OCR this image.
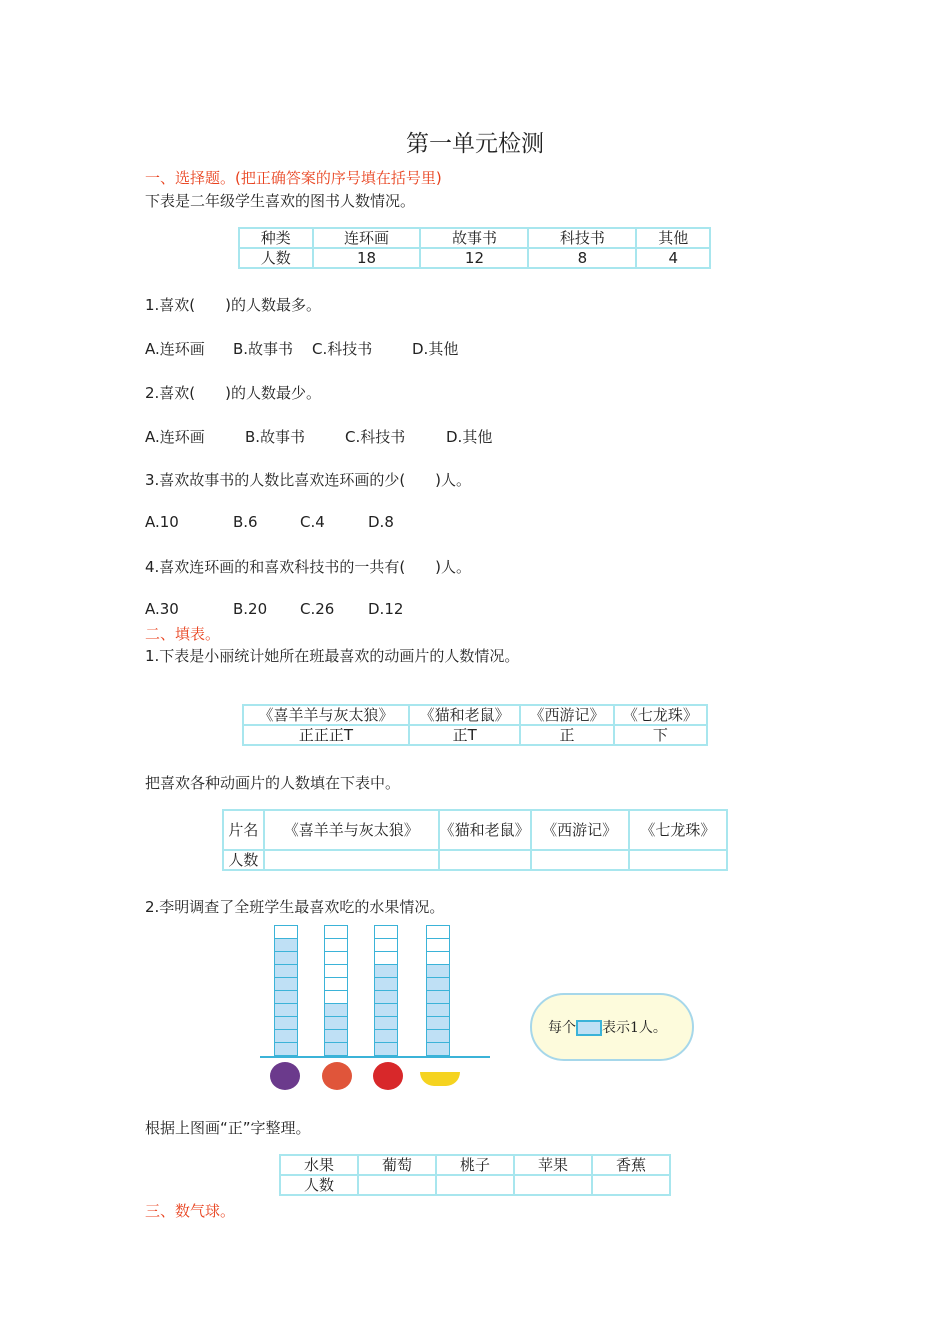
第一单元检测
一、选择题。(把正确答案的序号填在括号里)
下表是二年级学生喜欢的图书人数情况。
种类	连环画	故事书	科技书	其他
人数	18	12	8	4
1.喜欢(　　)的人数最多。
A.连环画 B.故事书 C.科技书	D.其他
2.喜欢(　　)的人数最少。
A.连环画	B.故事书	C.科技书	D.其他
3.喜欢故事书的人数比喜欢连环画的少(　　)人。
A.10	B.6	C.4	D.8
4.喜欢连环画的和喜欢科技书的一共有(　　)人。
A.30	B.20 C.26 D.12
二、填表。
1.下表是小丽统计她所在班最喜欢的动画片的人数情况。
《喜羊羊与灰太狼》	《猫和老鼠》	《西游记》	《七龙珠》
正正正T	正T	正	下
把喜欢各种动画片的人数填在下表中。
片名	《喜羊羊与灰太狼》	《猫和老鼠》	《西游记》	《七龙珠》
人数				
2.李明调查了全班学生最喜欢吃的水果情况。
每个 表示1人。
根据上图画“正”字整理。
水果	葡萄	桃子	苹果	香蕉
人数				
三、数气球。
